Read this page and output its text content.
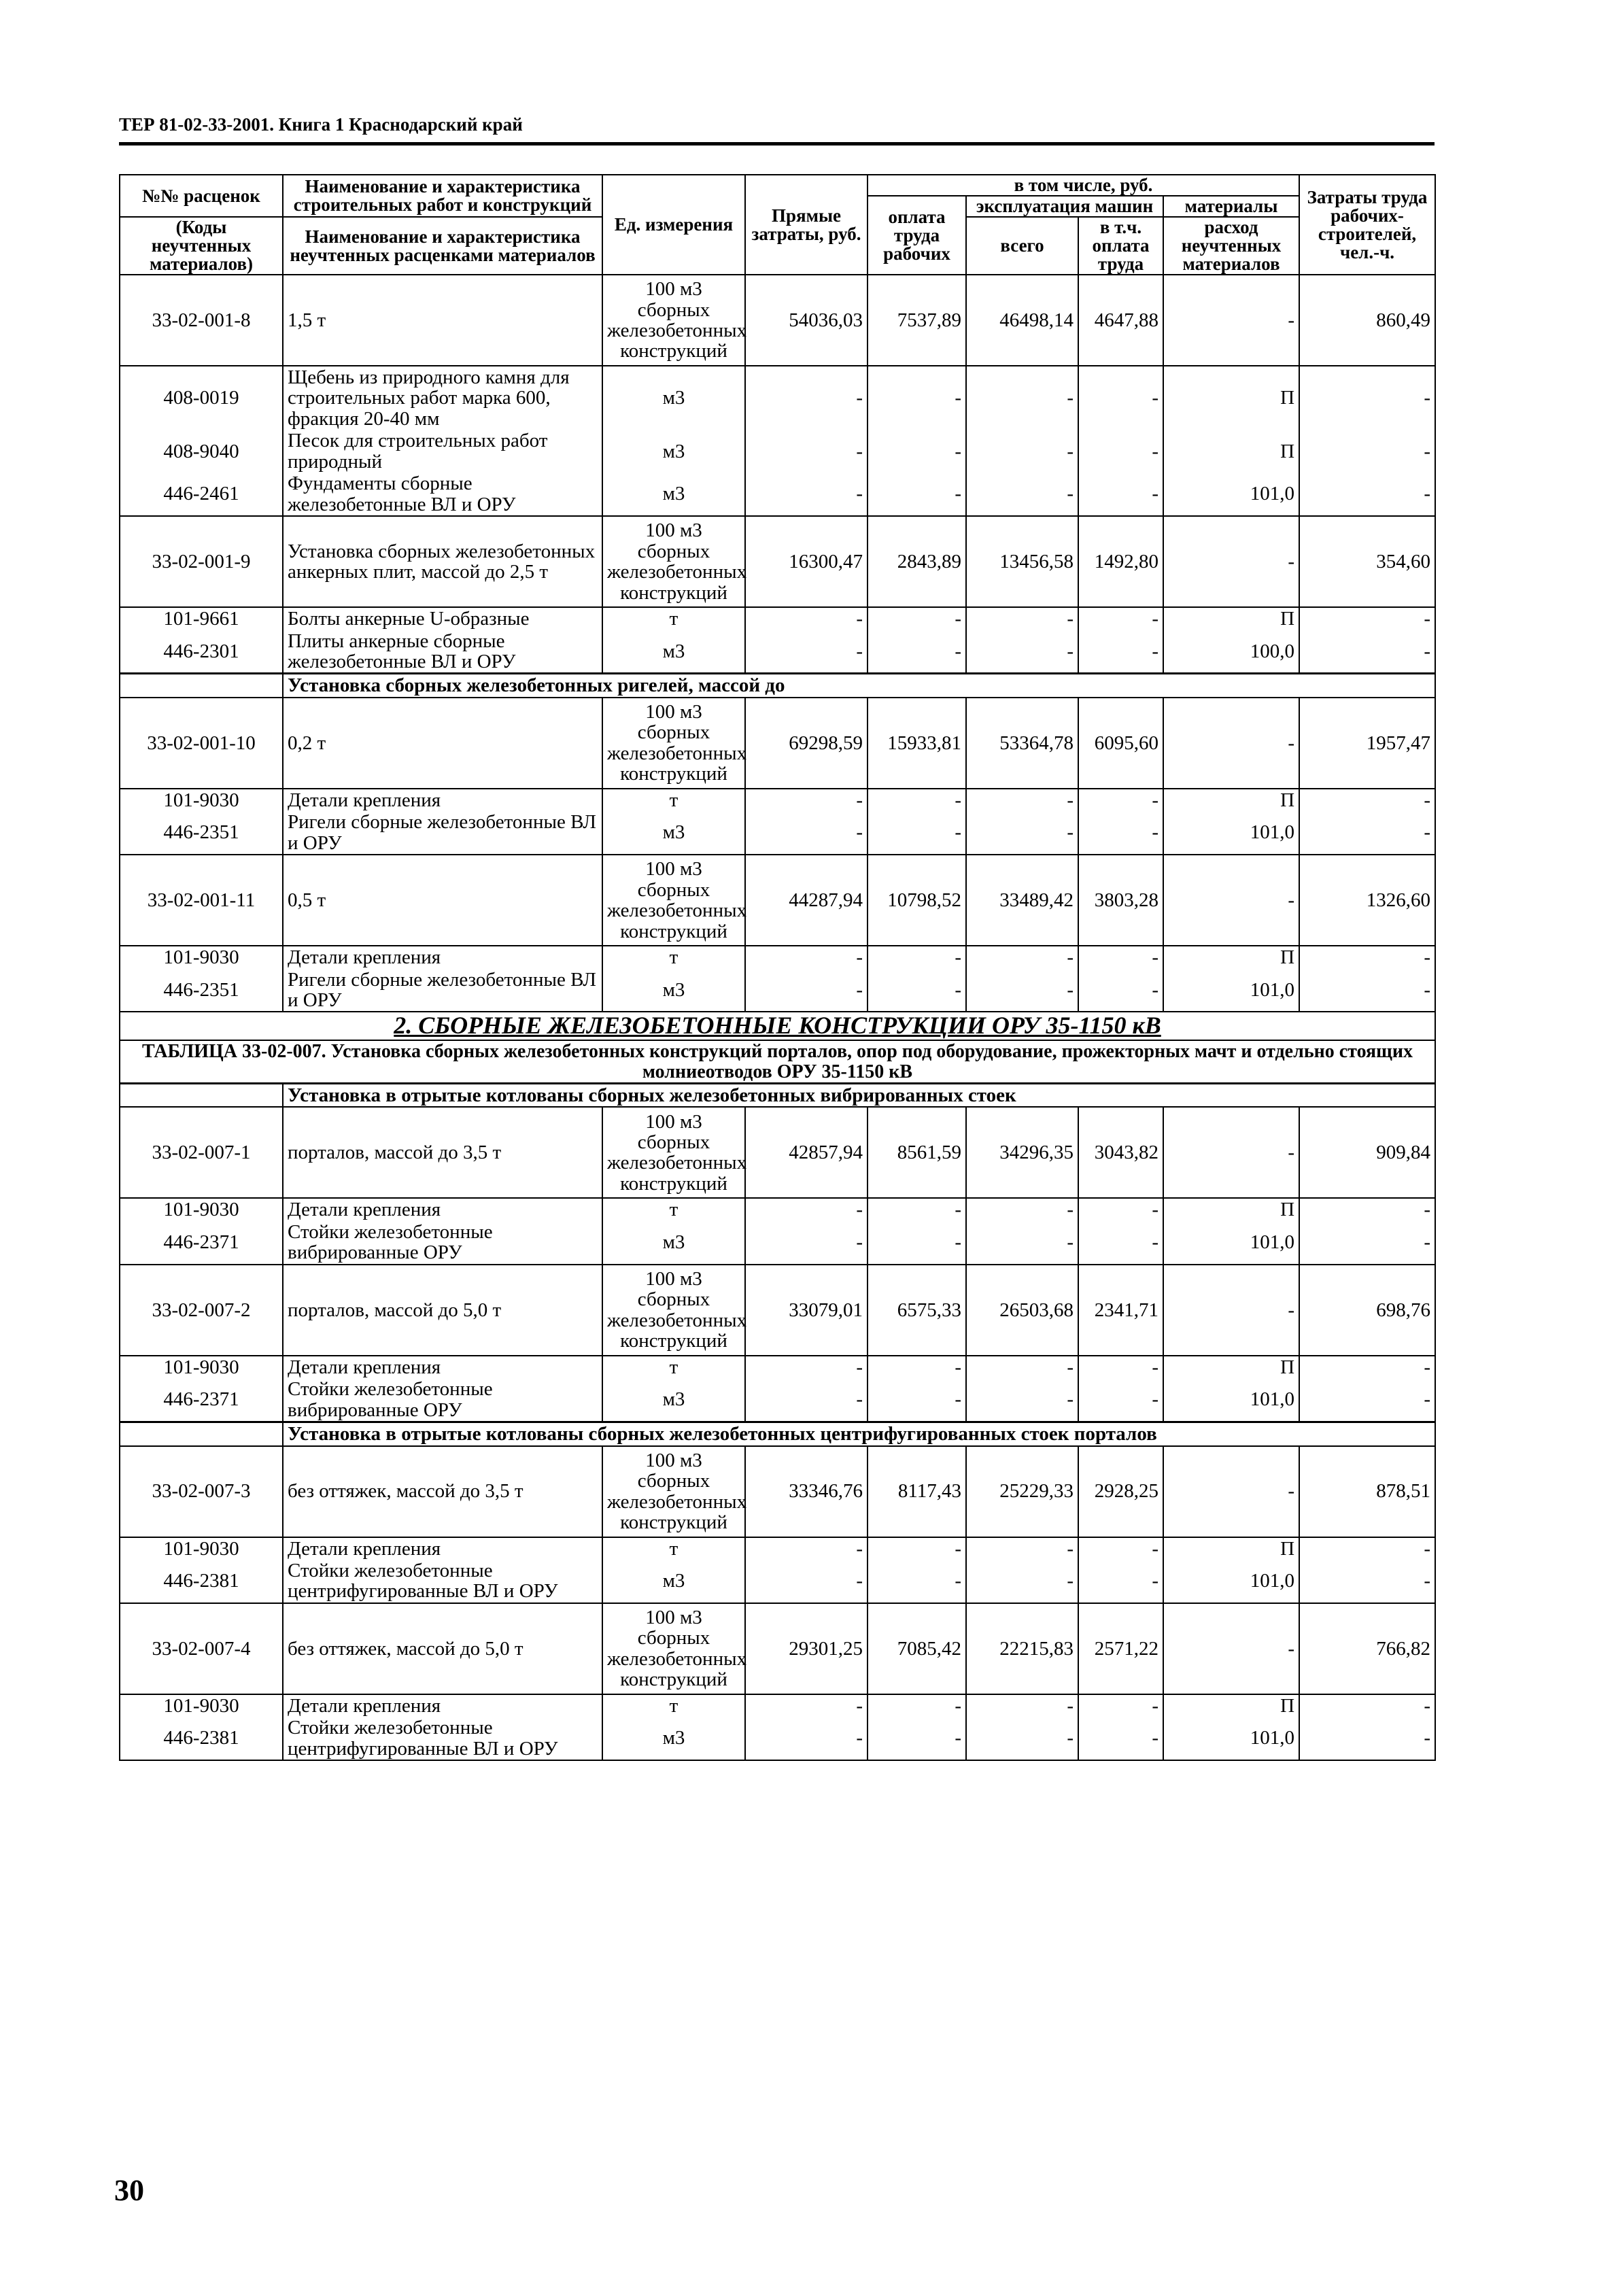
ТЕР 81-02-33-2001. Книга 1 Краснодарский край
№№ расценок	Наименование и характеристика строительных работ и конструкций	Ед. измерения	Прямые затраты, руб.	в том числе, руб.				Затраты труда рабочих-строителей, чел.-ч.
				оплата труда рабочих	эксплуатация машин		материалы	
(Коды неучтенных материалов)	Наименование и характеристика неучтенных расценками материалов				всего	в т.ч. оплата труда		
							расход неучтенных материалов	
33-02-001-8	1,5 т	100 м3 сборных железобетонных конструкций	54036,03	7537,89	46498,14	4647,88	-	860,49
408-0019	Щебень из природного камня для строительных работ марка 600, фракция 20-40 мм	м3	-	-	-	-	П	-
408-9040	Песок для строительных работ природный	м3	-	-	-	-	П	-
446-2461	Фундаменты сборные железобетонные ВЛ и ОРУ	м3	-	-	-	-	101,0	-
33-02-001-9	Установка сборных железобетонных анкерных плит, массой до 2,5 т	100 м3 сборных железобетонных конструкций	16300,47	2843,89	13456,58	1492,80	-	354,60
101-9661	Болты анкерные U-образные	т	-	-	-	-	П	-
446-2301	Плиты анкерные сборные железобетонные ВЛ и ОРУ	м3	-	-	-	-	100,0	-
	Установка сборных железобетонных ригелей, массой до							
33-02-001-10	0,2 т	100 м3 сборных железобетонных конструкций	69298,59	15933,81	53364,78	6095,60	-	1957,47
101-9030	Детали крепления	т	-	-	-	-	П	-
446-2351	Ригели сборные железобетонные ВЛ и ОРУ	м3	-	-	-	-	101,0	-
33-02-001-11	0,5 т	100 м3 сборных железобетонных конструкций	44287,94	10798,52	33489,42	3803,28	-	1326,60
101-9030	Детали крепления	т	-	-	-	-	П	-
446-2351	Ригели сборные железобетонные ВЛ и ОРУ	м3	-	-	-	-	101,0	-
2. СБОРНЫЕ ЖЕЛЕЗОБЕТОННЫЕ КОНСТРУКЦИИ ОРУ 35-1150 кВ								
ТАБЛИЦА 33-02-007. Установка сборных железобетонных конструкций порталов, опор под оборудование, прожекторных мачт и отдельно стоящих молниеотводов ОРУ 35-1150 кВ								
	Установка в отрытые котлованы сборных железобетонных вибрированных стоек							
33-02-007-1	порталов, массой до 3,5 т	100 м3 сборных железобетонных конструкций	42857,94	8561,59	34296,35	3043,82	-	909,84
101-9030	Детали крепления	т	-	-	-	-	П	-
446-2371	Стойки железобетонные вибрированные ОРУ	м3	-	-	-	-	101,0	-
33-02-007-2	порталов, массой до 5,0 т	100 м3 сборных железобетонных конструкций	33079,01	6575,33	26503,68	2341,71	-	698,76
101-9030	Детали крепления	т	-	-	-	-	П	-
446-2371	Стойки железобетонные вибрированные ОРУ	м3	-	-	-	-	101,0	-
	Установка в отрытые котлованы сборных железобетонных центрифугированных стоек порталов							
33-02-007-3	без оттяжек, массой до 3,5 т	100 м3 сборных железобетонных конструкций	33346,76	8117,43	25229,33	2928,25	-	878,51
101-9030	Детали крепления	т	-	-	-	-	П	-
446-2381	Стойки железобетонные центрифугированные ВЛ и ОРУ	м3	-	-	-	-	101,0	-
33-02-007-4	без оттяжек, массой до 5,0 т	100 м3 сборных железобетонных конструкций	29301,25	7085,42	22215,83	2571,22	-	766,82
101-9030	Детали крепления	т	-	-	-	-	П	-
446-2381	Стойки железобетонные центрифугированные ВЛ и ОРУ	м3	-	-	-	-	101,0	-
30
